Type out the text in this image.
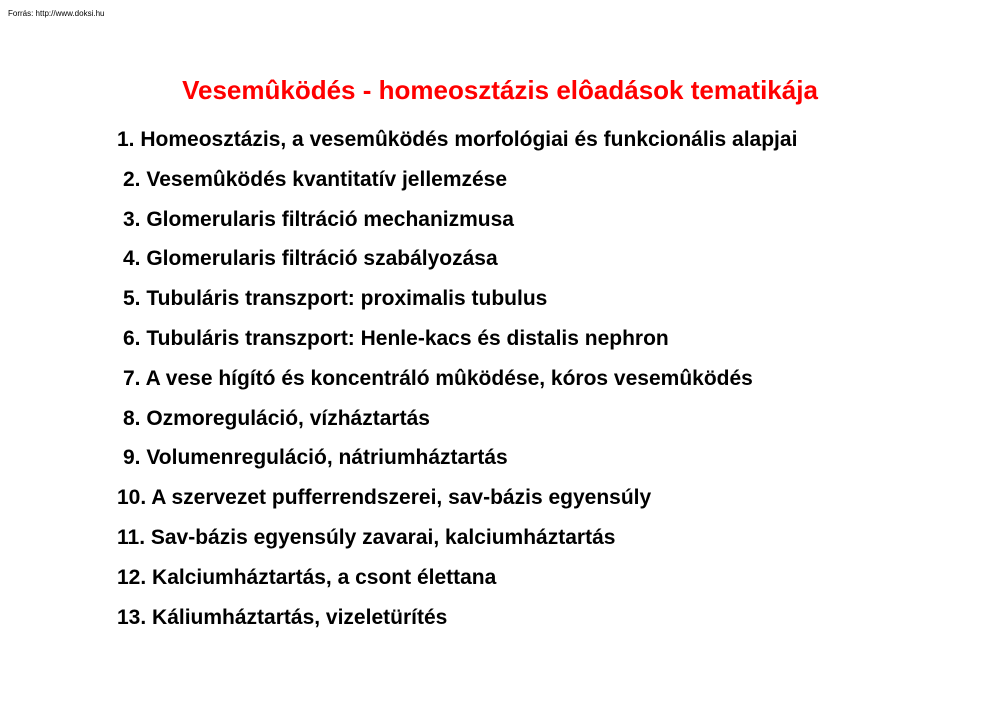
Forrás: http://www.doksi.hu
Vesemûködés - homeosztázis elôadások tematikája
1. Homeosztázis, a vesemûködés morfológiai és funkcionális alapjai
2. Vesemûködés kvantitatív jellemzése
3. Glomerularis filtráció mechanizmusa
4. Glomerularis filtráció szabályozása
5. Tubuláris transzport: proximalis tubulus
6. Tubuláris transzport: Henle-kacs és distalis nephron
7. A vese hígító és koncentráló mûködése, kóros vesemûködés
8. Ozmoreguláció, vízháztartás
9. Volumenreguláció, nátriumháztartás
10. A szervezet pufferrendszerei, sav-bázis egyensúly
11. Sav-bázis egyensúly zavarai, kalciumháztartás
12. Kalciumháztartás, a csont élettana
13. Káliumháztartás, vizeletürítés
